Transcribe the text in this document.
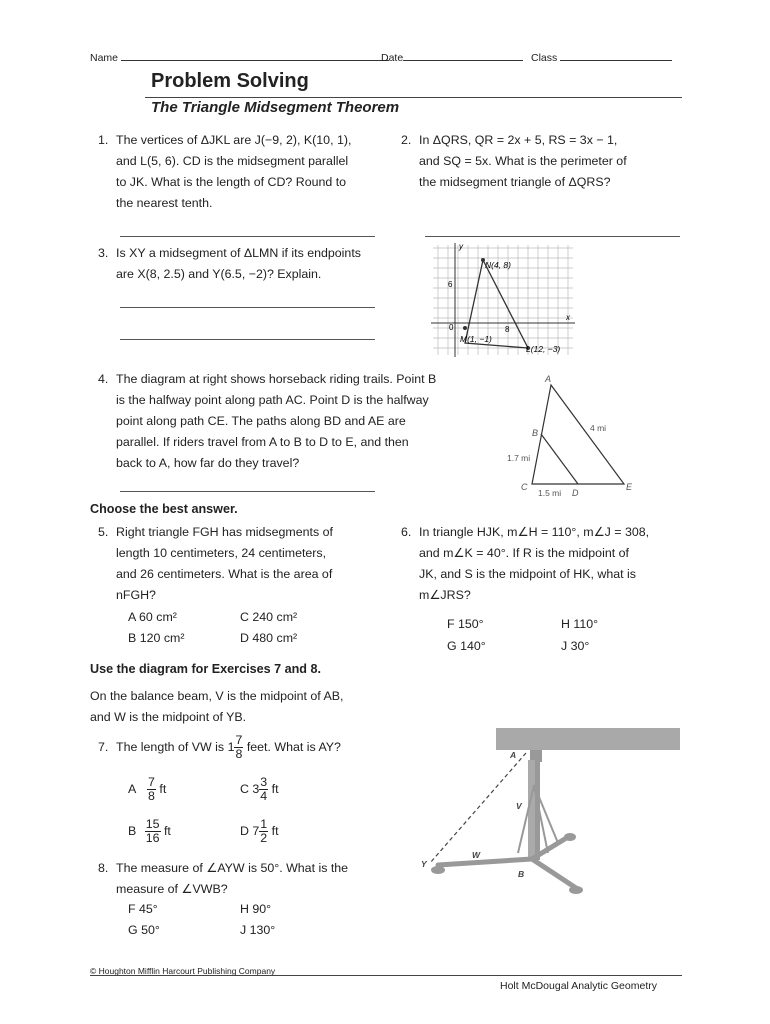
Name	Date	Class
Problem Solving
The Triangle Midsegment Theorem
1. The vertices of ΔJKL are J(−9, 2), K(10, 1),
and L(5, 6). CD is the midsegment parallel
to JK. What is the length of CD? Round to
the nearest tenth.
2. In ΔQRS, QR = 2x + 5, RS = 3x − 1,
and SQ = 5x. What is the perimeter of
the midsegment triangle of ΔQRS?
3. Is XY a midsegment of ΔLMN if its endpoints
are X(8, 2.5) and Y(6.5, −2)? Explain.
y
x
6
8
0
N(4, 8)
M(1, −1)
L(12, −3)
4. The diagram at right shows horseback riding trails. Point B
is the halfway point along path AC. Point D is the halfway
point along path CE. The paths along BD and AE are
parallel. If riders travel from A to B to D to E, and then
back to A, how far do they travel?
A
B
C
D
E
4 mi
1.7 mi
1.5 mi
Choose the best answer.
5. Right triangle FGH has midsegments of
length 10 centimeters, 24 centimeters,
and 26 centimeters. What is the area of
nFGH?
A 60 cm²	C 240 cm²
B 120 cm²	D 480 cm²
6. In triangle HJK, m∠H = 110°, m∠J = 308,
and m∠K = 40°. If R is the midpoint of
JK, and S is the midpoint of HK, what is
m∠JRS?
F 150°	H 110°
G 140°	J 30°
Use the diagram for Exercises 7 and 8.
On the balance beam, V is the midpoint of AB,
and W is the midpoint of YB.
7. The length of VW is $1 \frac{7}{8}$ feet. What is AY?
A $\frac{7}{8}$ ft	C $3 \frac{3}{4}$ ft
B $\frac{15}{16}$ ft	D $7 \frac{1}{2}$ ft
8. The measure of ∠AYW is 50°. What is the
measure of ∠VWB?
F 45°	H 90°
G 50°	J 130°
A
V
W
Y
B
© Houghton Mifflin Harcourt Publishing Company
Holt McDougal Analytic Geometry
